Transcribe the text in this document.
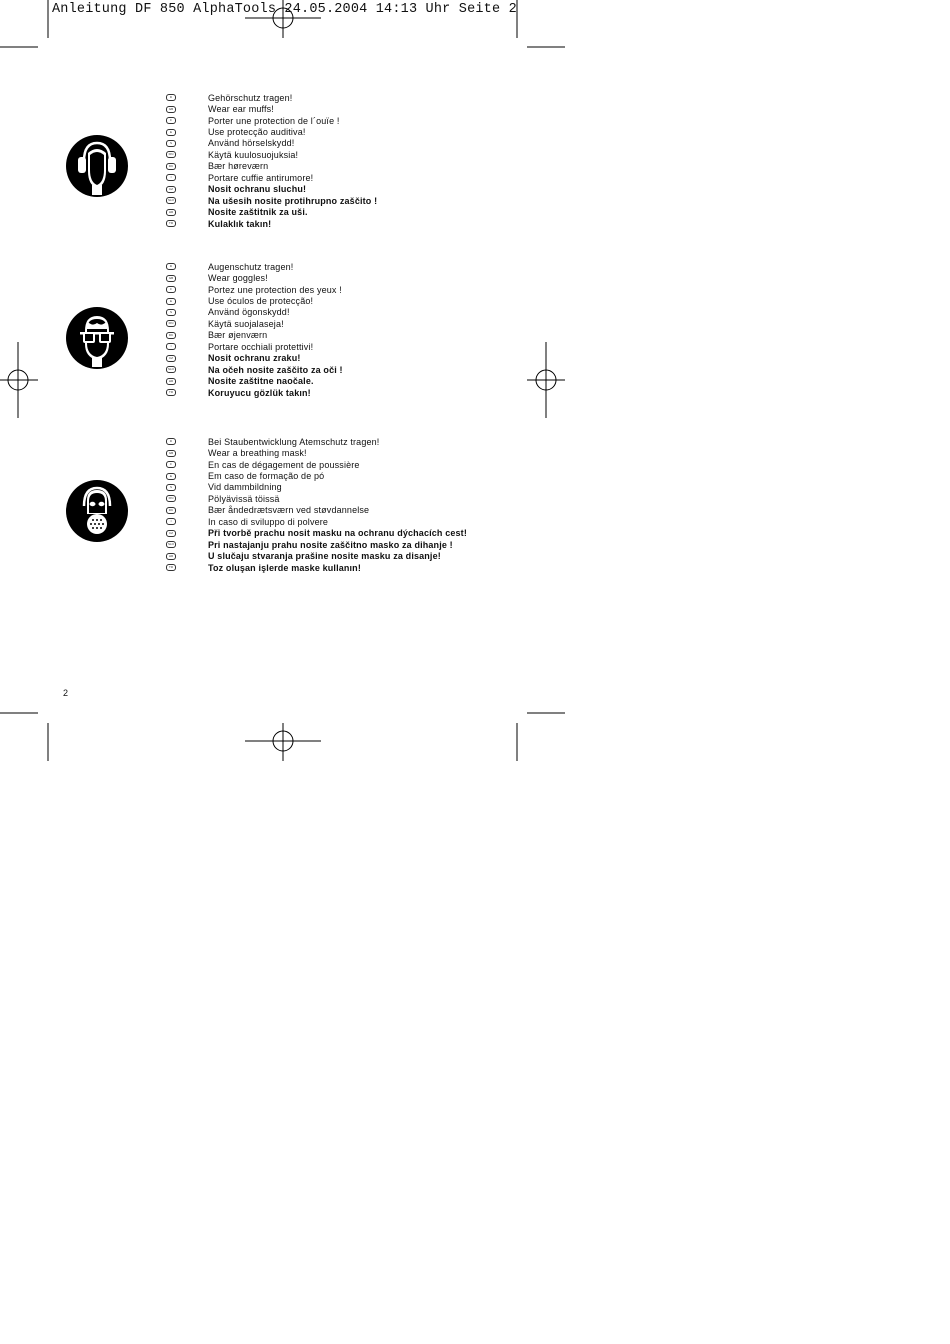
Anleitung DF 850 AlphaTools 24.05.2004 14:13 Uhr Seite 2
D	Gehörschutz tragen!
GB	Wear ear muffs!
F	Porter une protection de l´ouïe !
E	Use protecção auditiva!
S	Använd hörselskydd!
FIN	Käytä kuulosuojuksia!
DK	Bær høreværn
I	Portare cuffie antirumore!
CZ	Nosit ochranu sluchu!
SLO	Na ušesih nosite protihrupno zaščito !
HR	Nosite zaštitnik za uši.
TR	Kulaklık takın!
D	Augenschutz tragen!
GB	Wear goggles!
F	Portez une protection des yeux !
E	Use óculos de protecção!
S	Använd ögonskydd!
FIN	Käytä suojalaseja!
DK	Bær øjenværn
I	Portare occhiali protettivi!
CZ	Nosit ochranu zraku!
SLO	Na očeh nosite zaščito za oči !
HR	Nosite zaštitne naočale.
TR	Koruyucu gözlük takın!
D	Bei Staubentwicklung Atemschutz tragen!
GB	Wear a breathing mask!
F	En cas de dégagement de poussière
E	Em caso de formação de pó
S	Vid dammbildning
FIN	Pölyävissä töissä
DK	Bær åndedrætsværn ved støvdannelse
I	In caso di sviluppo di polvere
CZ	Při tvorbě prachu nosit masku na ochranu dýchacích cest!
SLO	Pri nastajanju prahu nosite zaščitno masko za dihanje !
HR	U slučaju stvaranja prašine nosite masku za disanje!
TR	Toz oluşan işlerde maske kullanın!
2
